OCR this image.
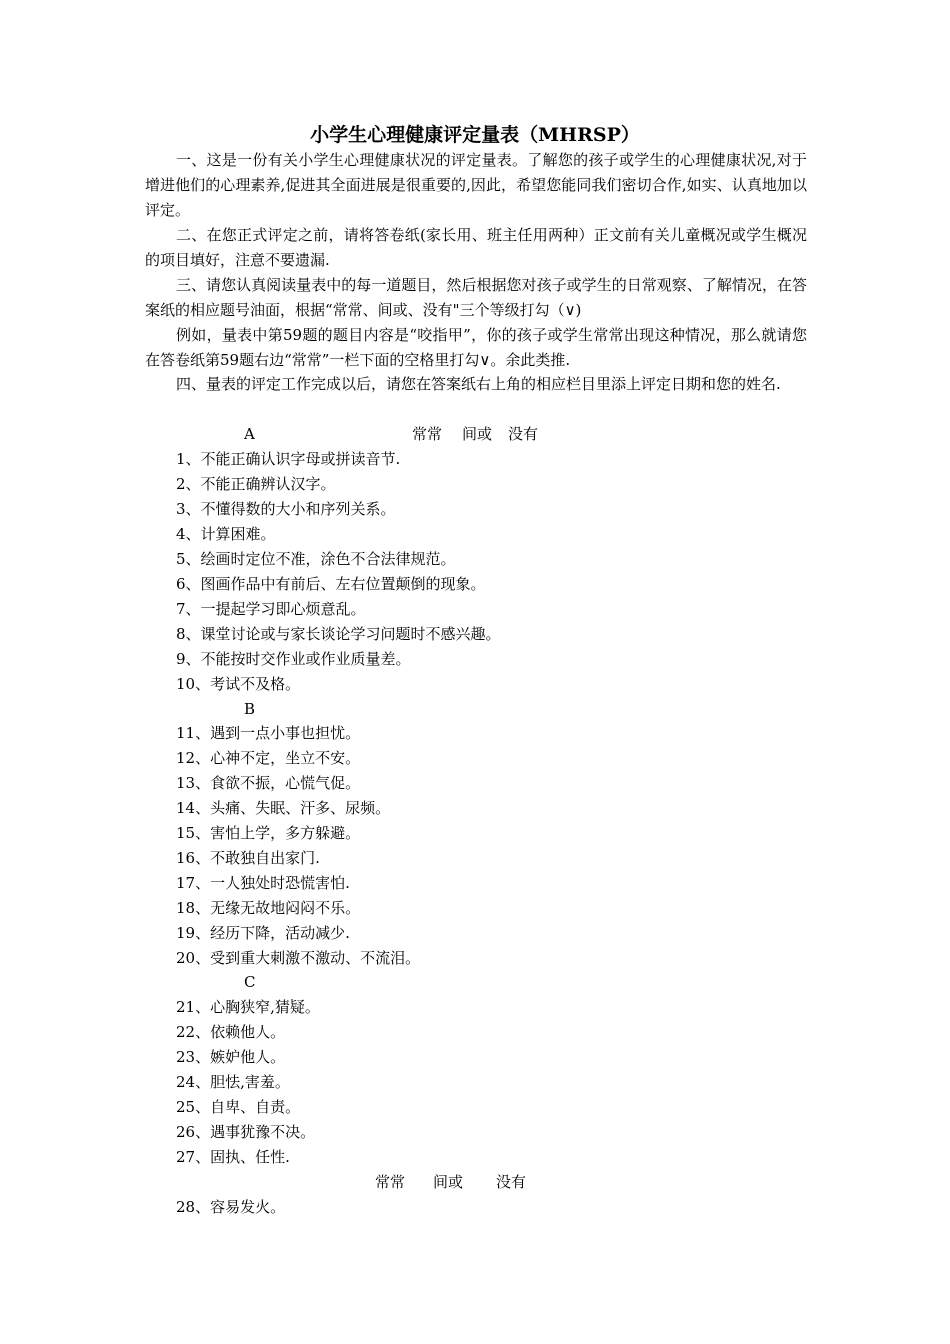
小学生心理健康评定量表（MHRSP）

一、这是一份有关小学生心理健康状况的评定量表。了解您的孩子或学生的心理健康状况,对于增进他们的心理素养,促进其全面进展是很重要的,因此，希望您能同我们密切合作,如实、认真地加以评定。

二、在您正式评定之前，请将答卷纸(家长用、班主任用两种）正文前有关儿童概况或学生概况的项目填好，注意不要遗漏.

三、请您认真阅读量表中的每一道题目，然后根据您对孩子或学生的日常观察、了解情况，在答案纸的相应题号油面，根据“常常、间或、没有"三个等级打勾（∨)

例如，量表中第59题的题目内容是“咬指甲”，你的孩子或学生常常出现这种情况，那么就请您在答卷纸第59题右边“常常”一栏下面的空格里打勾∨。余此类推.

四、量表的评定工作完成以后，请您在答案纸右上角的相应栏目里添上评定日期和您的姓名.

A	常常 间或 没有
1、不能正确认识字母或拼读音节.
2、不能正确辨认汉字。
3、不懂得数的大小和序列关系。
4、计算困难。
5、绘画时定位不准，涂色不合法律规范。
6、图画作品中有前后、左右位置颠倒的现象。
7、一提起学习即心烦意乱。
8、课堂讨论或与家长谈论学习问题时不感兴趣。
9、不能按时交作业或作业质量差。
10、考试不及格。
B
11、遇到一点小事也担忧。
12、心神不定，坐立不安。
13、食欲不振，心慌气促。
14、头痛、失眠、汗多、尿频。
15、害怕上学，多方躲避。
16、不敢独自出家门.
17、一人独处时恐慌害怕.
18、无缘无故地闷闷不乐。
19、经历下降，活动减少.
20、受到重大刺激不激动、不流泪。
C
21、心胸狭窄,猜疑。
22、依赖他人。
23、嫉妒他人。
24、胆怯,害羞。
25、自卑、自责。
26、遇事犹豫不决。
27、固执、任性.
常常 间或 没有
28、容易发火。
